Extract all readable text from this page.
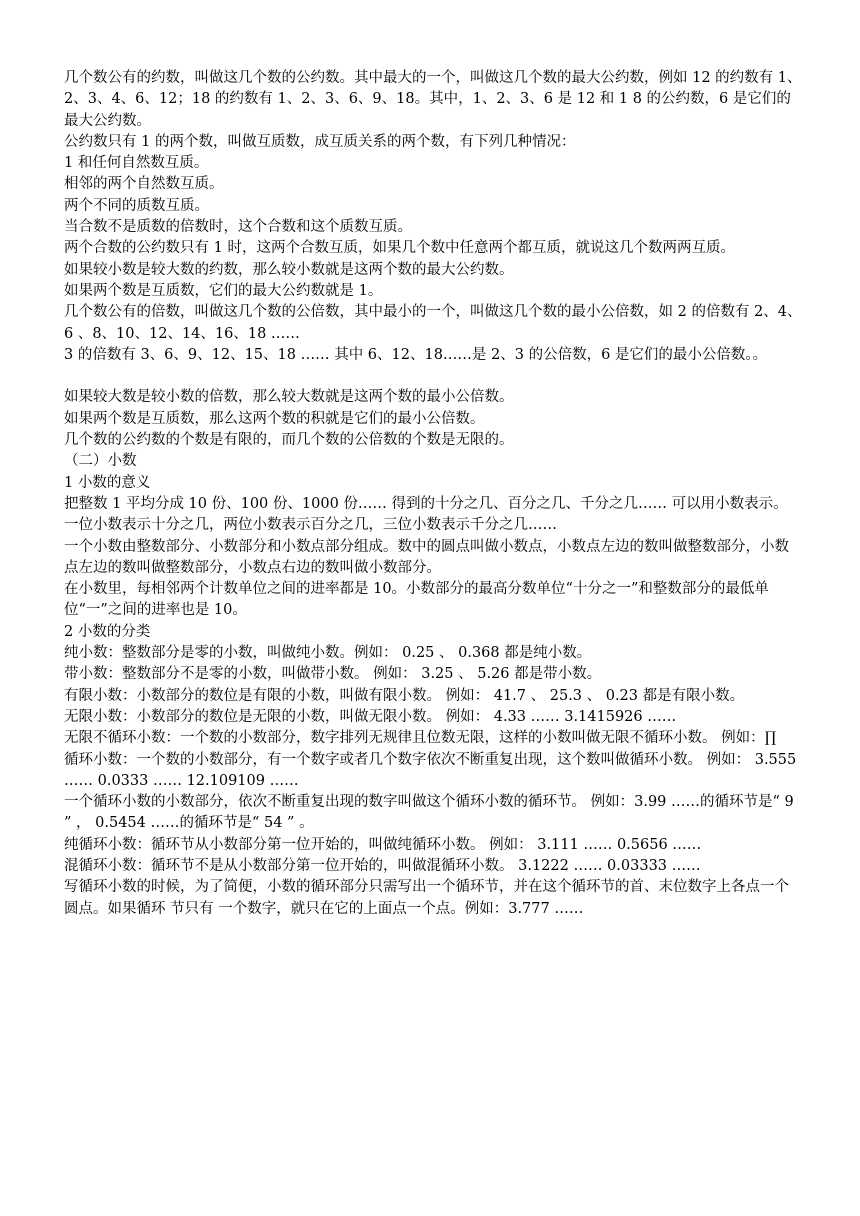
几个数公有的约数，叫做这几个数的公约数。其中最大的一个，叫做这几个数的最大公约数，例如 12 的约数有 1、2、3、4、6、12；18 的约数有 1、2、3、6、9、18。其中，1、2、3、6 是 12 和 1 8 的公约数，6 是它们的最大公约数。

公约数只有 1 的两个数，叫做互质数，成互质关系的两个数，有下列几种情况：

1 和任何自然数互质。

相邻的两个自然数互质。

两个不同的质数互质。

当合数不是质数的倍数时，这个合数和这个质数互质。

两个合数的公约数只有 1 时，这两个合数互质，如果几个数中任意两个都互质，就说这几个数两两互质。

如果较小数是较大数的约数，那么较小数就是这两个数的最大公约数。

如果两个数是互质数，它们的最大公约数就是 1。

几个数公有的倍数，叫做这几个数的公倍数，其中最小的一个，叫做这几个数的最小公倍数，如 2 的倍数有 2、4、6 、8、10、12、14、16、18 ……

3 的倍数有 3、6、9、12、15、18 …… 其中 6、12、18……是 2、3 的公倍数，6 是它们的最小公倍数。。

如果较大数是较小数的倍数，那么较大数就是这两个数的最小公倍数。

如果两个数是互质数，那么这两个数的积就是它们的最小公倍数。

几个数的公约数的个数是有限的，而几个数的公倍数的个数是无限的。

（二）小数

1 小数的意义

把整数 1 平均分成 10 份、100 份、1000 份…… 得到的十分之几、百分之几、千分之几…… 可以用小数表示。

一位小数表示十分之几，两位小数表示百分之几，三位小数表示千分之几……

一个小数由整数部分、小数部分和小数点部分组成。数中的圆点叫做小数点，小数点左边的数叫做整数部分，小数点左边的数叫做整数部分，小数点右边的数叫做小数部分。

在小数里，每相邻两个计数单位之间的进率都是 10。小数部分的最高分数单位“十分之一”和整数部分的最低单位“一”之间的进率也是 10。

2 小数的分类

纯小数：整数部分是零的小数，叫做纯小数。例如： 0.25 、 0.368 都是纯小数。

带小数：整数部分不是零的小数，叫做带小数。 例如： 3.25 、 5.26 都是带小数。

有限小数：小数部分的数位是有限的小数，叫做有限小数。 例如： 41.7 、 25.3 、 0.23 都是有限小数。

无限小数：小数部分的数位是无限的小数，叫做无限小数。 例如： 4.33 …… 3.1415926 ……

无限不循环小数：一个数的小数部分，数字排列无规律且位数无限，这样的小数叫做无限不循环小数。 例如：∏

循环小数：一个数的小数部分，有一个数字或者几个数字依次不断重复出现，这个数叫做循环小数。 例如： 3.555 …… 0.0333 …… 12.109109 ……

一个循环小数的小数部分，依次不断重复出现的数字叫做这个循环小数的循环节。 例如：3.99 ……的循环节是“ 9 ” ， 0.5454 ……的循环节是“ 54 ” 。

纯循环小数：循环节从小数部分第一位开始的，叫做纯循环小数。 例如： 3.111 …… 0.5656 ……

混循环小数：循环节不是从小数部分第一位开始的，叫做混循环小数。 3.1222 …… 0.03333 ……

写循环小数的时候，为了简便，小数的循环部分只需写出一个循环节，并在这个循环节的首、末位数字上各点一个圆点。如果循环 节只有 一个数字，就只在它的上面点一个点。例如：3.777 ……
